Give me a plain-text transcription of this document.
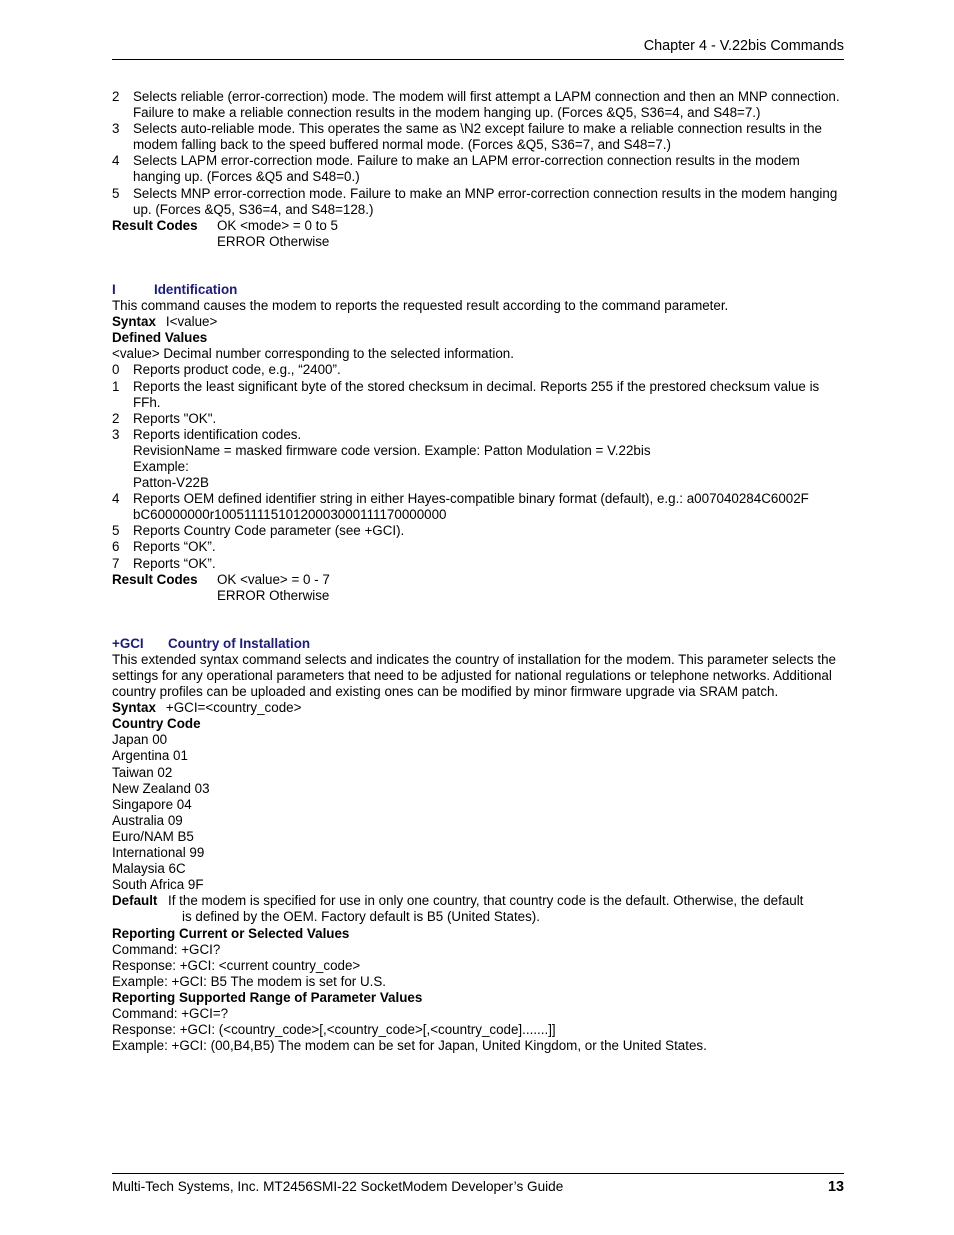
Chapter 4 - V.22bis Commands
2	Selects reliable (error-correction) mode. The modem will first attempt a LAPM connection and then an MNP connection. Failure to make a reliable connection results in the modem hanging up. (Forces &Q5, S36=4, and S48=7.)
3	Selects auto-reliable mode. This operates the same as \N2 except failure to make a reliable connection results in the modem falling back to the speed buffered normal mode. (Forces &Q5, S36=7, and S48=7.)
4	Selects LAPM error-correction mode. Failure to make an LAPM error-correction connection results in the modem hanging up. (Forces &Q5 and S48=0.)
5	Selects MNP error-correction mode. Failure to make an MNP error-correction connection results in the modem hanging up. (Forces &Q5, S36=4, and S48=128.)
Result Codes	OK <mode> = 0 to 5
ERROR Otherwise
I	Identification
This command causes the modem to reports the requested result according to the command parameter.
Syntax I<value>
Defined Values
<value> Decimal number corresponding to the selected information.
0	Reports product code, e.g., “2400”.
1	Reports the least significant byte of the stored checksum in decimal. Reports 255 if the prestored checksum value is FFh.
2	Reports "OK".
3	Reports identification codes.
RevisionName = masked firmware code version. Example: Patton Modulation = V.22bis
Example:
Patton-V22B
4	Reports OEM defined identifier string in either Hayes-compatible binary format (default), e.g.: a007040284C6002F bC60000000r1005111151012000300011117000000​0
5	Reports Country Code parameter (see +GCI).
6	Reports “OK”.
7	Reports “OK”.
Result Codes	OK <value> = 0 - 7
ERROR Otherwise
+GCI	Country of Installation
This extended syntax command selects and indicates the country of installation for the modem. This parameter selects the settings for any operational parameters that need to be adjusted for national regulations or telephone networks. Additional country profiles can be uploaded and existing ones can be modified by minor firmware upgrade via SRAM patch.
Syntax +GCI=<country_code>
Country Code
Japan 00
Argentina 01
Taiwan 02
New Zealand 03
Singapore 04
Australia 09
Euro/NAM B5
International 99
Malaysia 6C
South Africa 9F
Default If the modem is specified for use in only one country, that country code is the default. Otherwise, the default
is defined by the OEM. Factory default is B5 (United States).
Reporting Current or Selected Values
Command: +GCI?
Response: +GCI: <current country_code>
Example: +GCI: B5 The modem is set for U.S.
Reporting Supported Range of Parameter Values
Command: +GCI=?
Response: +GCI: (<country_code>[,<country_code>[,<country_code].......]]
Example: +GCI: (00,B4,B5) The modem can be set for Japan, United Kingdom, or the United States.
Multi-Tech Systems, Inc. MT2456SMI-22 SocketModem Developer’s Guide	13
